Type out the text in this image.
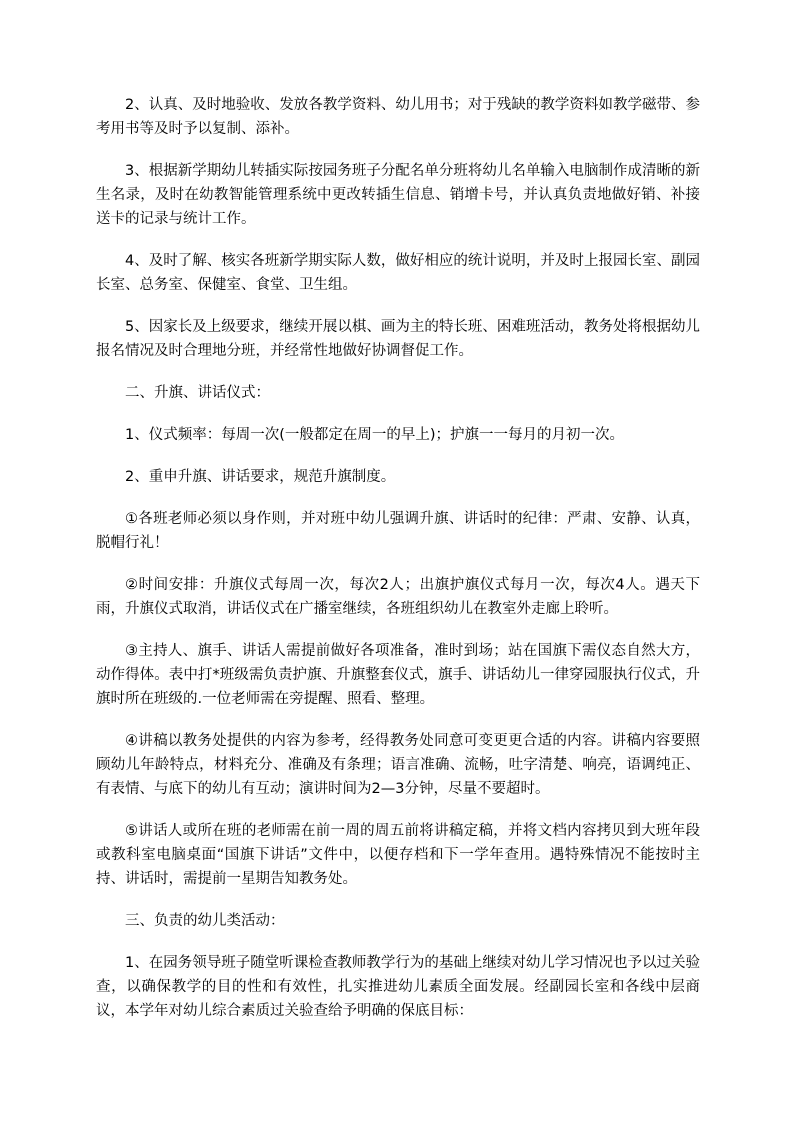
2、认真、及时地验收、发放各教学资料、幼儿用书；对于残缺的教学资料如教学磁带、参考用书等及时予以复制、添补。

3、根据新学期幼儿转插实际按园务班子分配名单分班将幼儿名单输入电脑制作成清晰的新生名录，及时在幼教智能管理系统中更改转插生信息、销增卡号，并认真负责地做好销、补接送卡的记录与统计工作。

4、及时了解、核实各班新学期实际人数，做好相应的统计说明，并及时上报园长室、副园长室、总务室、保健室、食堂、卫生组。

5、因家长及上级要求，继续开展以棋、画为主的特长班、困难班活动，教务处将根据幼儿报名情况及时合理地分班，并经常性地做好协调督促工作。

二、升旗、讲话仪式：

1、仪式频率：每周一次(一般都定在周一的早上)；护旗一一每月的月初一次。

2、重申升旗、讲话要求，规范升旗制度。

①各班老师必须以身作则，并对班中幼儿强调升旗、讲话时的纪律：严肃、安静、认真，脱帽行礼！

②时间安排：升旗仪式每周一次，每次2人；出旗护旗仪式每月一次，每次4人。遇天下雨，升旗仪式取消，讲话仪式在广播室继续，各班组织幼儿在教室外走廊上聆听。

③主持人、旗手、讲话人需提前做好各项准备，准时到场；站在国旗下需仪态自然大方，动作得体。表中打*班级需负责护旗、升旗整套仪式，旗手、讲话幼儿一律穿园服执行仪式，升旗时所在班级的.一位老师需在旁提醒、照看、整理。

④讲稿以教务处提供的内容为参考，经得教务处同意可变更更合适的内容。讲稿内容要照顾幼儿年龄特点，材料充分、准确及有条理；语言准确、流畅，吐字清楚、响亮，语调纯正、有表情、与底下的幼儿有互动；演讲时间为2—3分钟，尽量不要超时。

⑤讲话人或所在班的老师需在前一周的周五前将讲稿定稿，并将文档内容拷贝到大班年段或教科室电脑桌面“国旗下讲话”文件中，以便存档和下一学年查用。遇特殊情况不能按时主持、讲话时，需提前一星期告知教务处。

三、负责的幼儿类活动：

1、在园务领导班子随堂听课检查教师教学行为的基础上继续对幼儿学习情况也予以过关验查，以确保教学的目的性和有效性，扎实推进幼儿素质全面发展。经副园长室和各线中层商议，本学年对幼儿综合素质过关验查给予明确的保底目标：
